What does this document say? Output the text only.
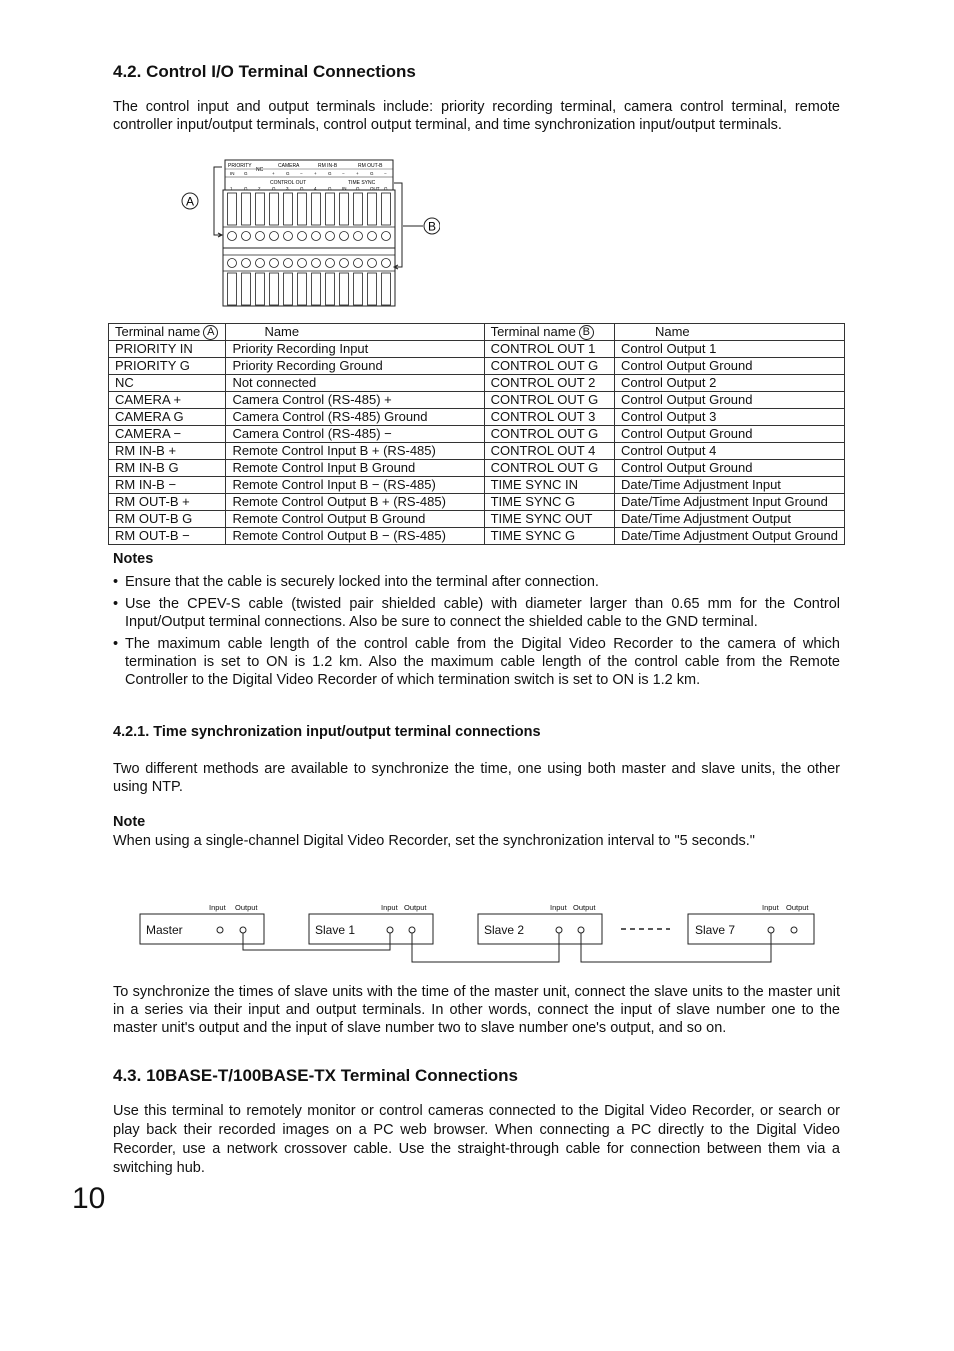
4.2. Control I/O Terminal Connections

The control input and output terminals include: priority recording terminal, camera control terminal, remote controller input/output terminals, control output terminal, and time synchronization input/output terminals.

PRIORITY
NC
CAMERA	RM IN-B	RM OUT-B
CONTROL OUT	TIME SYNC
IN G	+	G −	+	G −	+	G −
1	G 2	G 3	G 4	G IN G OUT G
A
B
Terminal name A	Name	Terminal name B	Name
PRIORITY IN	Priority Recording Input	CONTROL OUT 1	Control Output 1
PRIORITY G	Priority Recording Ground	CONTROL OUT G	Control Output Ground
NC	Not connected	CONTROL OUT 2	Control Output 2
CAMERA +	Camera Control (RS-485) +	CONTROL OUT G	Control Output Ground
CAMERA G	Camera Control (RS-485) Ground	CONTROL OUT 3	Control Output 3
CAMERA −	Camera Control (RS-485) −	CONTROL OUT G	Control Output Ground
RM IN-B +	Remote Control Input B + (RS-485)	CONTROL OUT 4	Control Output 4
RM IN-B G	Remote Control Input B Ground	CONTROL OUT G	Control Output Ground
RM IN-B −	Remote Control Input B − (RS-485)	TIME SYNC IN	Date/Time Adjustment Input
RM OUT-B +	Remote Control Output B + (RS-485)	TIME SYNC G	Date/Time Adjustment Input Ground
RM OUT-B G	Remote Control Output B Ground	TIME SYNC OUT	Date/Time Adjustment Output
RM OUT-B −	Remote Control Output B − (RS-485)	TIME SYNC G	Date/Time Adjustment Output Ground
Notes
• Ensure that the cable is securely locked into the terminal after connection.
• Use the CPEV-S cable (twisted pair shielded cable) with diameter larger than 0.65 mm for the Control Input/Output terminal connections. Also be sure to connect the shielded cable to the GND terminal.
• The maximum cable length of the control cable from the Digital Video Recorder to the camera of which termination is set to ON is 1.2 km. Also the maximum cable length of the control cable from the Remote Controller to the Digital Video Recorder of which termination switch is set to ON is 1.2 km.
4.2.1. Time synchronization input/output terminal connections

Two different methods are available to synchronize the time, one using both master and slave units, the other using NTP.

Note

When using a single-channel Digital Video Recorder, set the synchronization interval to "5 seconds."

Input Output
Master
Input Output
Slave 1
Input Output
Slave 2
Input Output
Slave 7

To synchronize the times of slave units with the time of the master unit, connect the slave units to the master unit in a series via their input and output terminals. In other words, connect the input of slave number one to the master unit's output and the input of slave number two to slave number one's output, and so on.

4.3. 10BASE-T/100BASE-TX Terminal Connections

Use this terminal to remotely monitor or control cameras connected to the Digital Video Recorder, or search or play back their recorded images on a PC web browser. When connecting a PC directly to the Digital Video Recorder, use a network crossover cable. Use the straight-through cable for connection between them via a switching hub.

10
